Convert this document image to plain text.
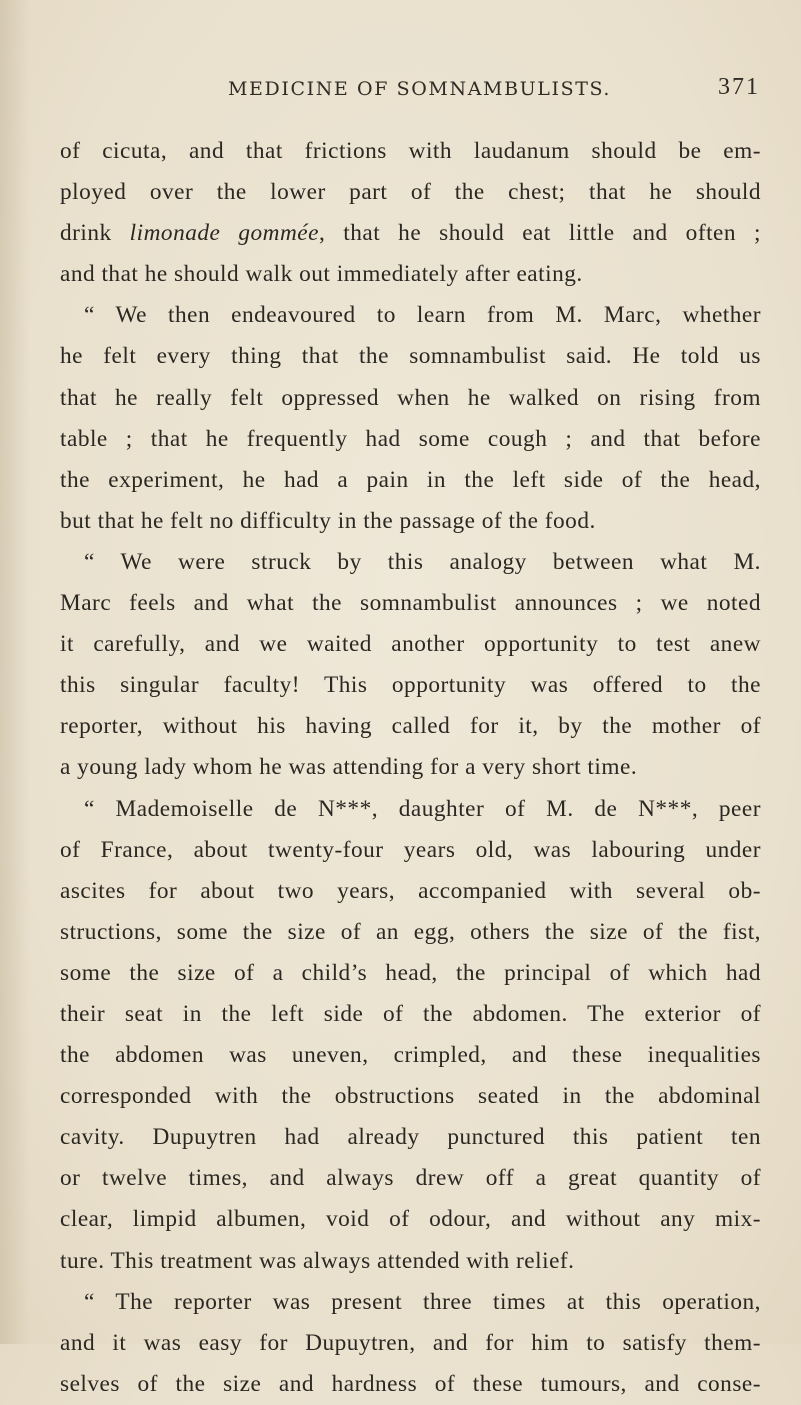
MEDICINE OF SOMNAMBULISTS.	371
of cicuta, and that frictions with laudanum should be em-
ployed over the lower part of the chest; that he should
drink limonade gommée, that he should eat little and often ;
and that he should walk out immediately after eating.
“ We then endeavoured to learn from M. Marc, whether
he felt every thing that the somnambulist said. He told us
that he really felt oppressed when he walked on rising from
table ; that he frequently had some cough ; and that before
the experiment, he had a pain in the left side of the head,
but that he felt no difficulty in the passage of the food.
“ We were struck by this analogy between what M.
Marc feels and what the somnambulist announces ; we noted
it carefully, and we waited another opportunity to test anew
this singular faculty! This opportunity was offered to the
reporter, without his having called for it, by the mother of
a young lady whom he was attending for a very short time.
“ Mademoiselle de N***, daughter of M. de N***, peer
of France, about twenty-four years old, was labouring under
ascites for about two years, accompanied with several ob-
structions, some the size of an egg, others the size of the fist,
some the size of a child’s head, the principal of which had
their seat in the left side of the abdomen. The exterior of
the abdomen was uneven, crimpled, and these inequalities
corresponded with the obstructions seated in the abdominal
cavity. Dupuytren had already punctured this patient ten
or twelve times, and always drew off a great quantity of
clear, limpid albumen, void of odour, and without any mix-
ture. This treatment was always attended with relief.
“ The reporter was present three times at this operation,
and it was easy for Dupuytren, and for him to satisfy them-
selves of the size and hardness of these tumours, and conse-
